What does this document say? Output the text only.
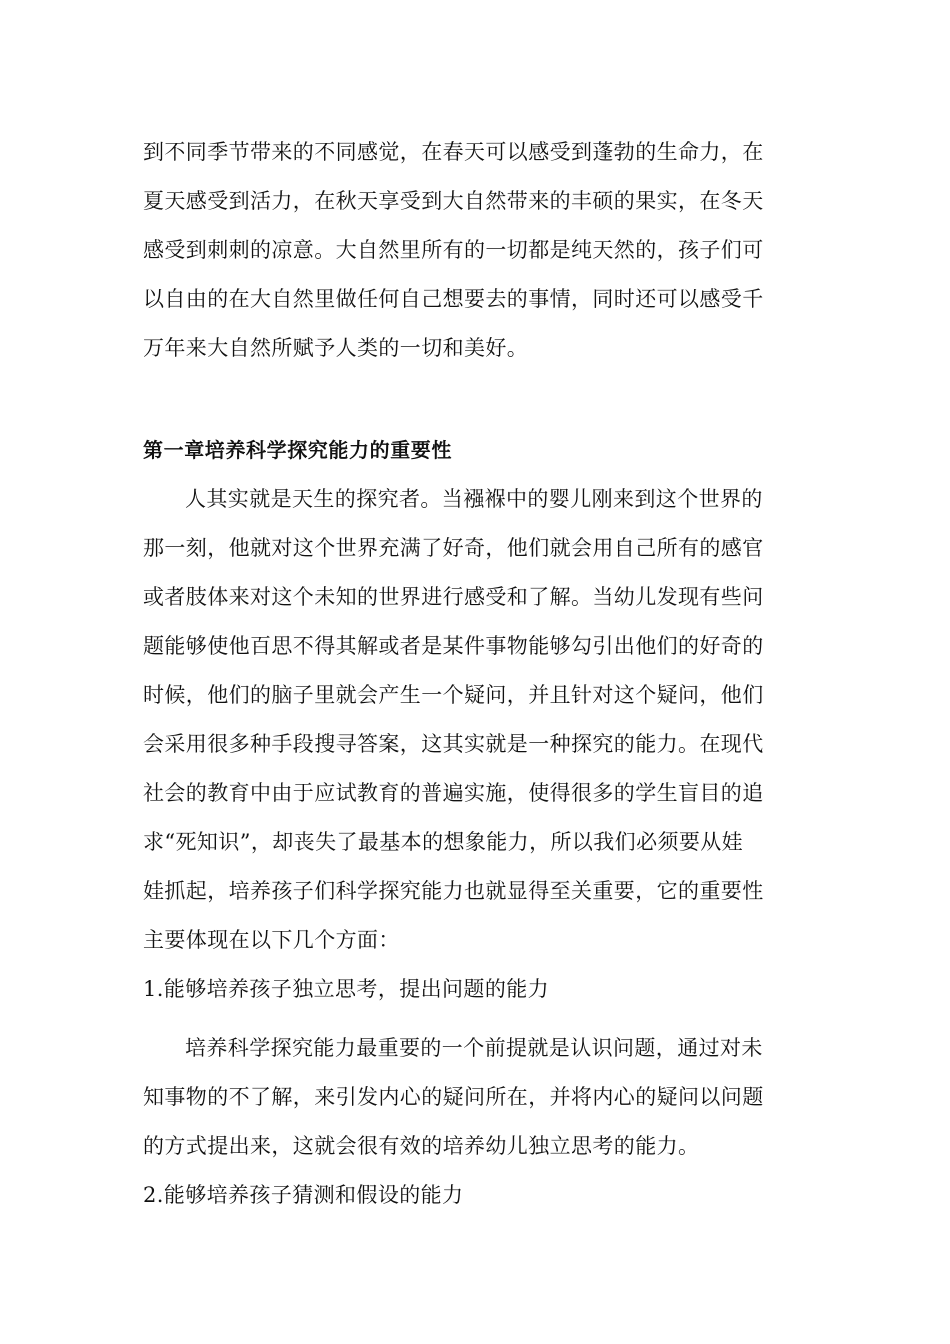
到不同季节带来的不同感觉，在春天可以感受到蓬勃的生命力，在
夏天感受到活力，在秋天享受到大自然带来的丰硕的果实，在冬天
感受到刺刺的凉意。大自然里所有的一切都是纯天然的，孩子们可
以自由的在大自然里做任何自己想要去的事情，同时还可以感受千
万年来大自然所赋予人类的一切和美好。
第一章培养科学探究能力的重要性
人其实就是天生的探究者。当襁褓中的婴儿刚来到这个世界的
那一刻，他就对这个世界充满了好奇，他们就会用自己所有的感官
或者肢体来对这个未知的世界进行感受和了解。当幼儿发现有些问
题能够使他百思不得其解或者是某件事物能够勾引出他们的好奇的
时候，他们的脑子里就会产生一个疑问，并且针对这个疑问，他们
会采用很多种手段搜寻答案，这其实就是一种探究的能力。在现代
社会的教育中由于应试教育的普遍实施，使得很多的学生盲目的追
求“死知识”，却丧失了最基本的想象能力，所以我们必须要从娃
娃抓起，培养孩子们科学探究能力也就显得至关重要，它的重要性
主要体现在以下几个方面：
1.能够培养孩子独立思考，提出问题的能力
培养科学探究能力最重要的一个前提就是认识问题，通过对未
知事物的不了解，来引发内心的疑问所在，并将内心的疑问以问题
的方式提出来，这就会很有效的培养幼儿独立思考的能力。
2.能够培养孩子猜测和假设的能力
